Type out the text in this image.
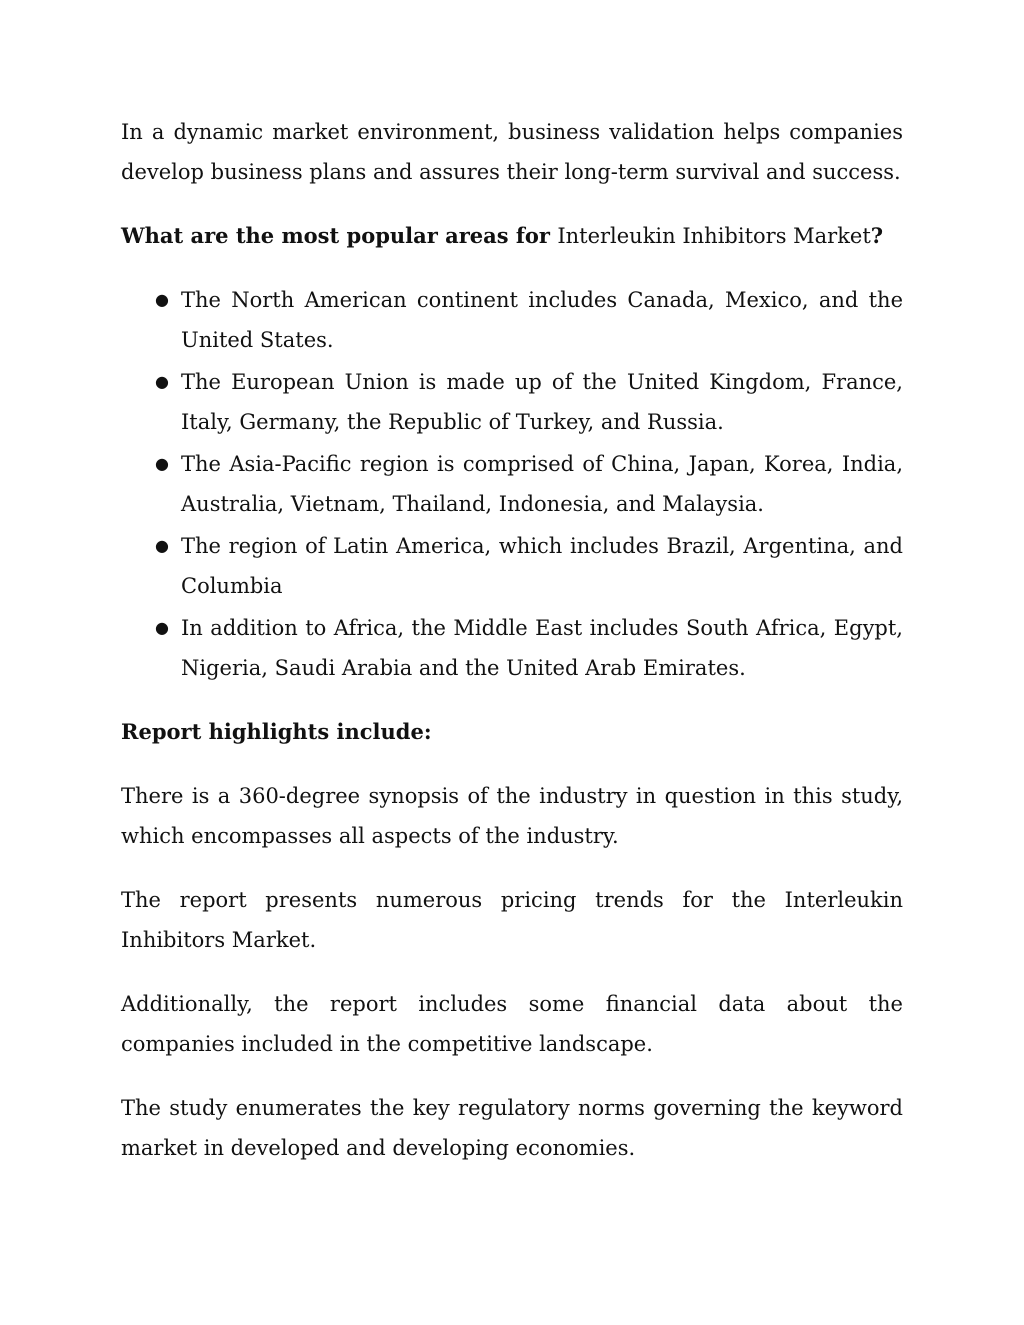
In a dynamic market environment, business validation helps companies develop business plans and assures their long-term survival and success.

What are the most popular areas for Interleukin Inhibitors Market?

● The North American continent includes Canada, Mexico, and the United States.
● The European Union is made up of the United Kingdom, France, Italy, Germany, the Republic of Turkey, and Russia.
● The Asia-Pacific region is comprised of China, Japan, Korea, India, Australia, Vietnam, Thailand, Indonesia, and Malaysia.
● The region of Latin America, which includes Brazil, Argentina, and Columbia
● In addition to Africa, the Middle East includes South Africa, Egypt, Nigeria, Saudi Arabia and the United Arab Emirates.

Report highlights include:

There is a 360-degree synopsis of the industry in question in this study, which encompasses all aspects of the industry.

The report presents numerous pricing trends for the Interleukin Inhibitors Market.

Additionally, the report includes some financial data about the companies included in the competitive landscape.

The study enumerates the key regulatory norms governing the keyword market in developed and developing economies.
